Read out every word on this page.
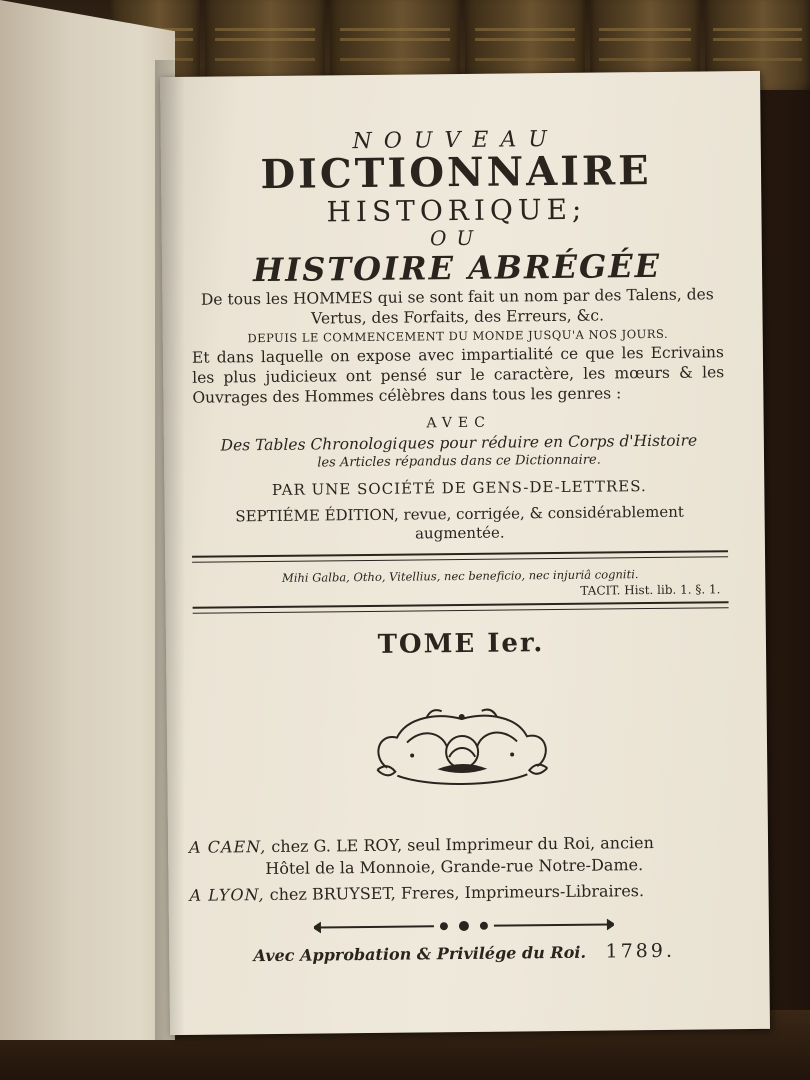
NOUVEAU
DICTIONNAIRE
HISTORIQUE;
OU
HISTOIRE ABRÉGÉE
De tous les HOMMES qui se sont fait un nom par des Talens, des Vertus, des Forfaits, des Erreurs, &c.
DEPUIS LE COMMENCEMENT DU MONDE JUSQU'A NOS JOURS.
Et dans laquelle on expose avec impartialité ce que les Ecrivains les plus judicieux ont pensé sur le caractère, les mœurs & les Ouvrages des Hommes célèbres dans tous les genres :
AVEC
Des Tables Chronologiques pour réduire en Corps d'Histoire
les Articles répandus dans ce Dictionnaire.
PAR UNE SOCIÉTÉ DE GENS-DE-LETTRES.
SEPTIÉME ÉDITION, revue, corrigée, & considérablement augmentée.
Mihi Galba, Otho, Vitellius, nec beneficio, nec injuriâ cogniti.
TACIT. Hist. lib. 1. §. 1.
TOME Ier.
A CAEN, chez G. LE ROY, seul Imprimeur du Roi, ancien
Hôtel de la Monnoie, Grande-rue Notre-Dame.
A LYON, chez BRUYSET, Freres, Imprimeurs-Libraires.
Avec Approbation & Privilége du Roi. 1789.
